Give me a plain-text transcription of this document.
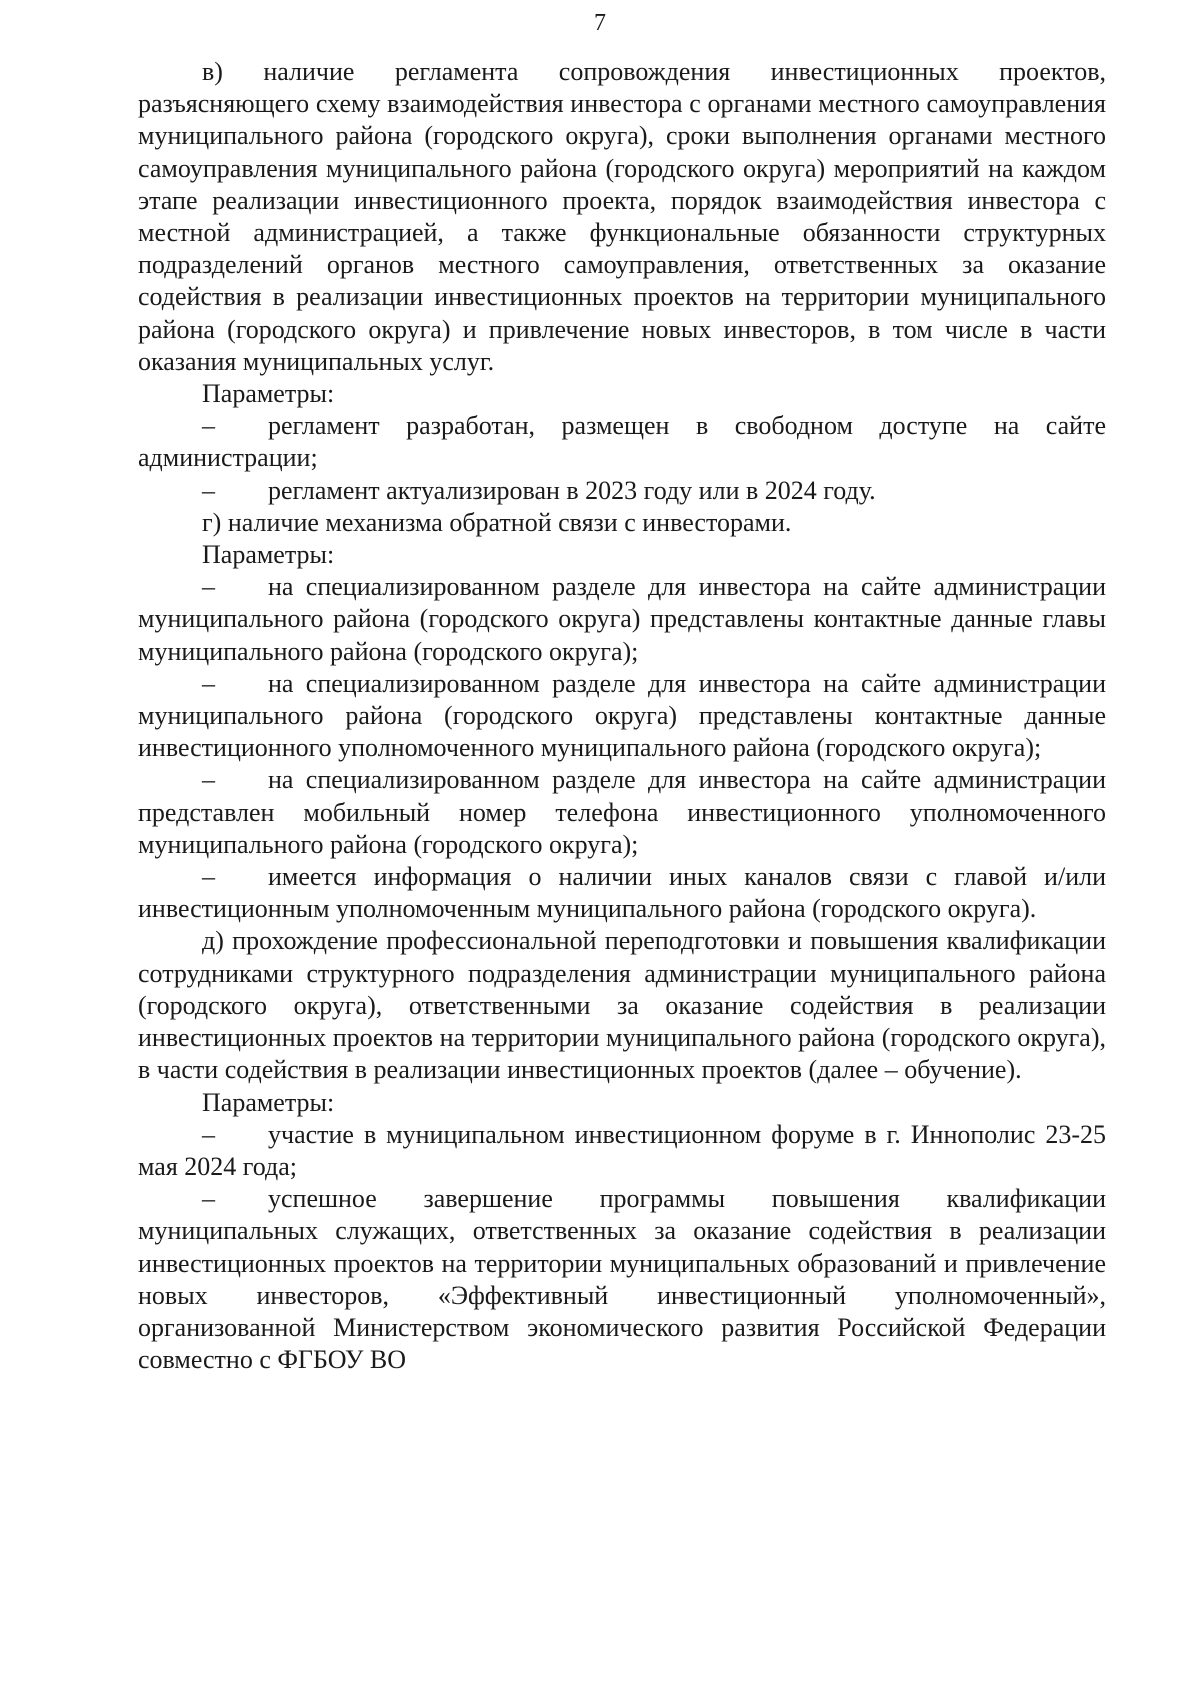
7

в) наличие регламента сопровождения инвестиционных проектов, разъясняющего схему взаимодействия инвестора с органами местного самоуправления муниципального района (городского округа), сроки выполнения органами местного самоуправления муниципального района (городского округа) мероприятий на каждом этапе реализации инвестиционного проекта, порядок взаимодействия инвестора с местной администрацией, а также функциональные обязанности структурных подразделений органов местного самоуправления, ответственных за оказание содействия в реализации инвестиционных проектов на территории муниципального района (городского округа) и привлечение новых инвесторов, в том числе в части оказания муниципальных услуг.

Параметры:

– регламент разработан, размещен в свободном доступе на сайте администрации;

– регламент актуализирован в 2023 году или в 2024 году.

г) наличие механизма обратной связи с инвесторами.

Параметры:

– на специализированном разделе для инвестора на сайте администрации муниципального района (городского округа) представлены контактные данные главы муниципального района (городского округа);

– на специализированном разделе для инвестора на сайте администрации муниципального района (городского округа) представлены контактные данные инвестиционного уполномоченного муниципального района (городского округа);

– на специализированном разделе для инвестора на сайте администрации представлен мобильный номер телефона инвестиционного уполномоченного муниципального района (городского округа);

– имеется информация о наличии иных каналов связи с главой и/или инвестиционным уполномоченным муниципального района (городского округа).

д) прохождение профессиональной переподготовки и повышения квалификации сотрудниками структурного подразделения администрации муниципального района (городского округа), ответственными за оказание содействия в реализации инвестиционных проектов на территории муниципального района (городского округа), в части содействия в реализации инвестиционных проектов (далее – обучение).

Параметры:

– участие в муниципальном инвестиционном форуме в г. Иннополис 23-25 мая 2024 года;

– успешное завершение программы повышения квалификации муниципальных служащих, ответственных за оказание содействия в реализации инвестиционных проектов на территории муниципальных образований и привлечение новых инвесторов, «Эффективный инвестиционный уполномоченный», организованной Министерством экономического развития Российской Федерации совместно с ФГБОУ ВО
